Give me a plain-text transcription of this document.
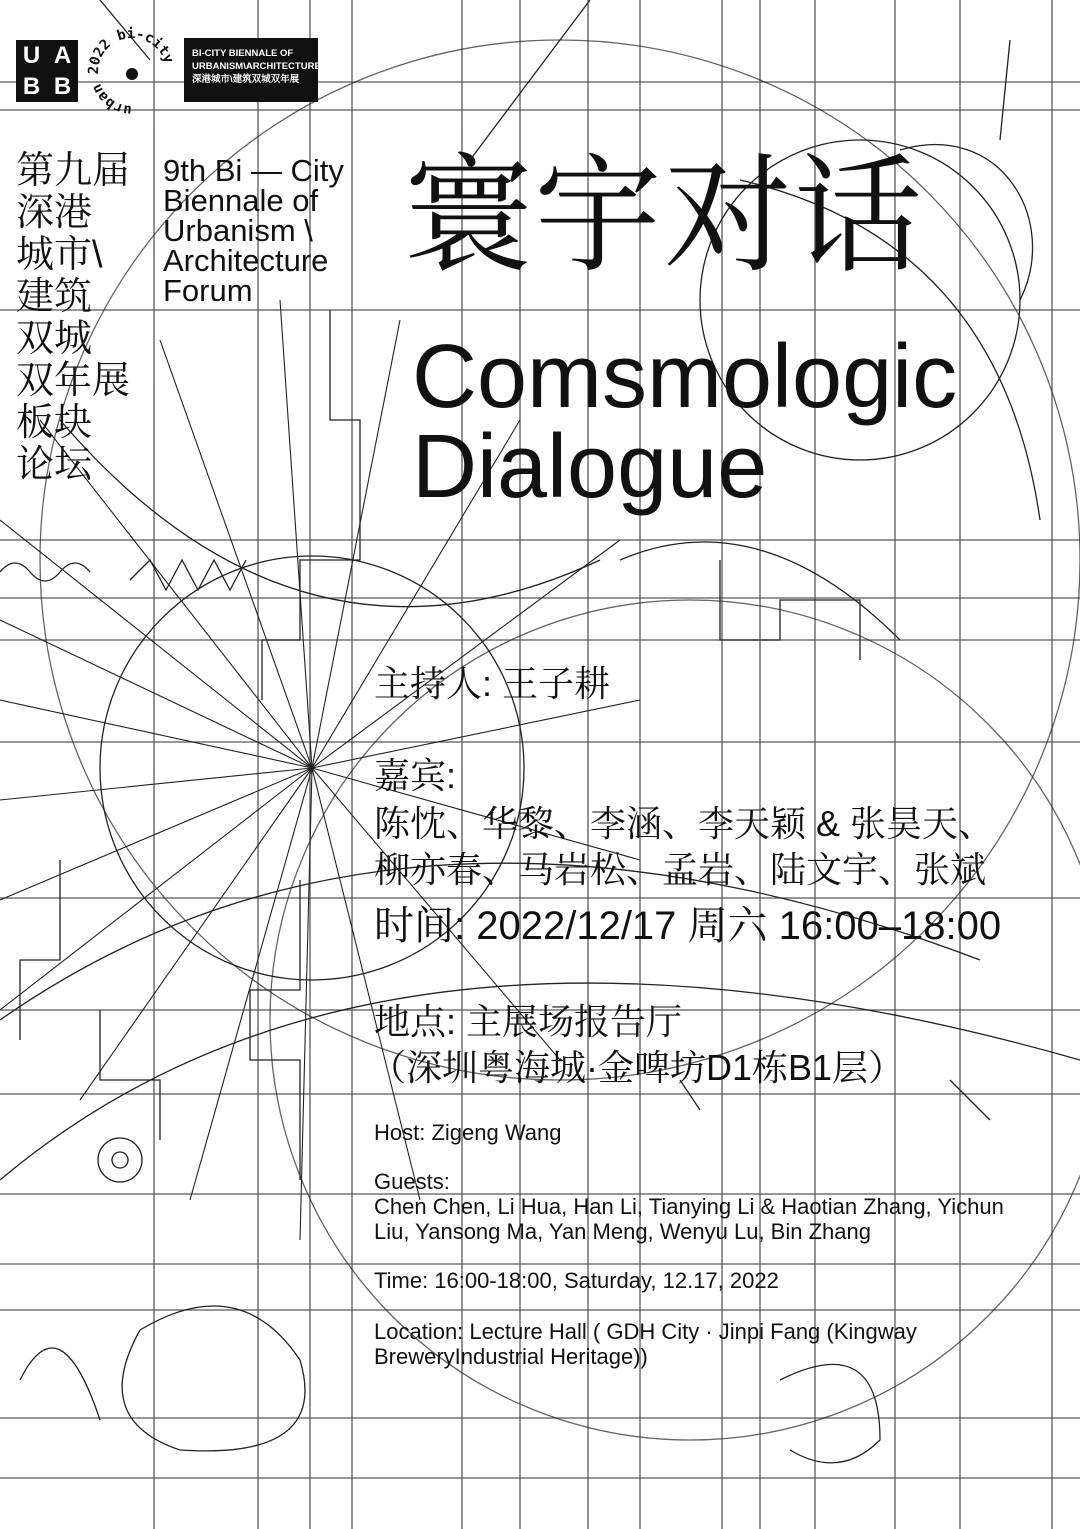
U A
B B
urban 2022 bi-city BI-CITY BIENNALE OF
URBANISM\ARCHITECTURE
深港城市\建筑双城双年展
第九届
深港
城市\
建筑
双城
双年展
板块
论坛
9th Bi — City
Biennale of
Urbanism \
Architecture
Forum
寰宇对话
Comsmologic
Dialogue
主持人: 王子耕
嘉宾:
陈忱、华黎、李涵、李天颖 & 张昊天、
柳亦春、马岩松、孟岩、陆文宇、张斌
时间: 2022/12/17 周六 16:00–18:00
地点: 主展场报告厅
（深圳粤海城·金啤坊D1栋B1层）
Host: Zigeng Wang
Guests:
Chen Chen, Li Hua, Han Li, Tianying Li & Haotian Zhang, Yichun
Liu, Yansong Ma, Yan Meng, Wenyu Lu, Bin Zhang
Time: 16:00-18:00, Saturday, 12.17, 2022
Location: Lecture Hall ( GDH City · Jinpi Fang (Kingway
BreweryIndustrial Heritage))
